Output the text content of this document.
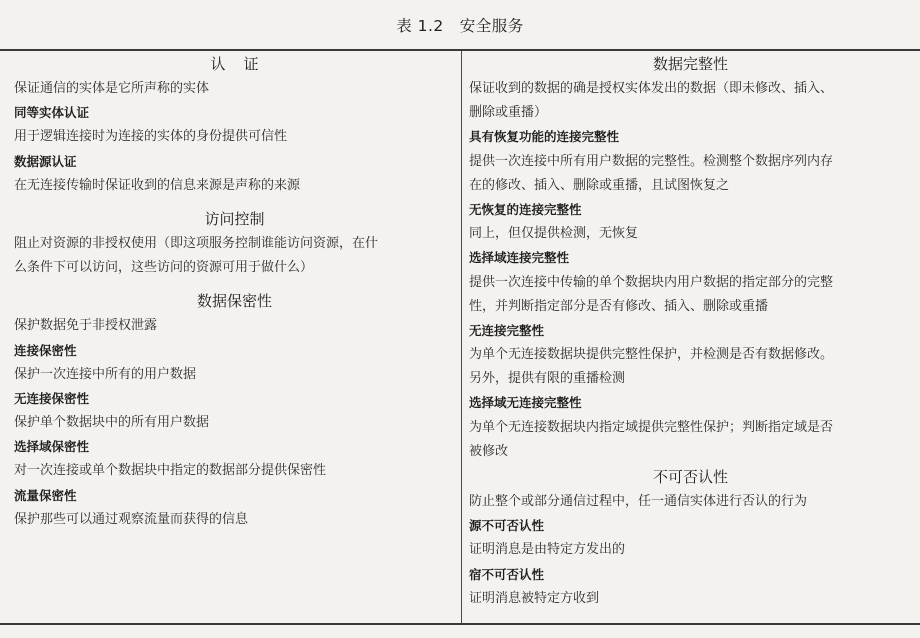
表 1.2 安全服务
认证
保证通信的实体是它所声称的实体
同等实体认证
用于逻辑连接时为连接的实体的身份提供可信性
数据源认证
在无连接传输时保证收到的信息来源是声称的来源
访问控制
阻止对资源的非授权使用（即这项服务控制谁能访问资源，在什
么条件下可以访问，这些访问的资源可用于做什么）
数据保密性
保护数据免于非授权泄露
连接保密性
保护一次连接中所有的用户数据
无连接保密性
保护单个数据块中的所有用户数据
选择域保密性
对一次连接或单个数据块中指定的数据部分提供保密性
流量保密性
保护那些可以通过观察流量而获得的信息
数据完整性
保证收到的数据的确是授权实体发出的数据（即未修改、插入、
删除或重播）
具有恢复功能的连接完整性
提供一次连接中所有用户数据的完整性。检测整个数据序列内存
在的修改、插入、删除或重播，且试图恢复之
无恢复的连接完整性
同上，但仅提供检测，无恢复
选择域连接完整性
提供一次连接中传输的单个数据块内用户数据的指定部分的完整
性，并判断指定部分是否有修改、插入、删除或重播
无连接完整性
为单个无连接数据块提供完整性保护，并检测是否有数据修改。
另外，提供有限的重播检测
选择域无连接完整性
为单个无连接数据块内指定域提供完整性保护；判断指定域是否
被修改
不可否认性
防止整个或部分通信过程中，任一通信实体进行否认的行为
源不可否认性
证明消息是由特定方发出的
宿不可否认性
证明消息被特定方收到
